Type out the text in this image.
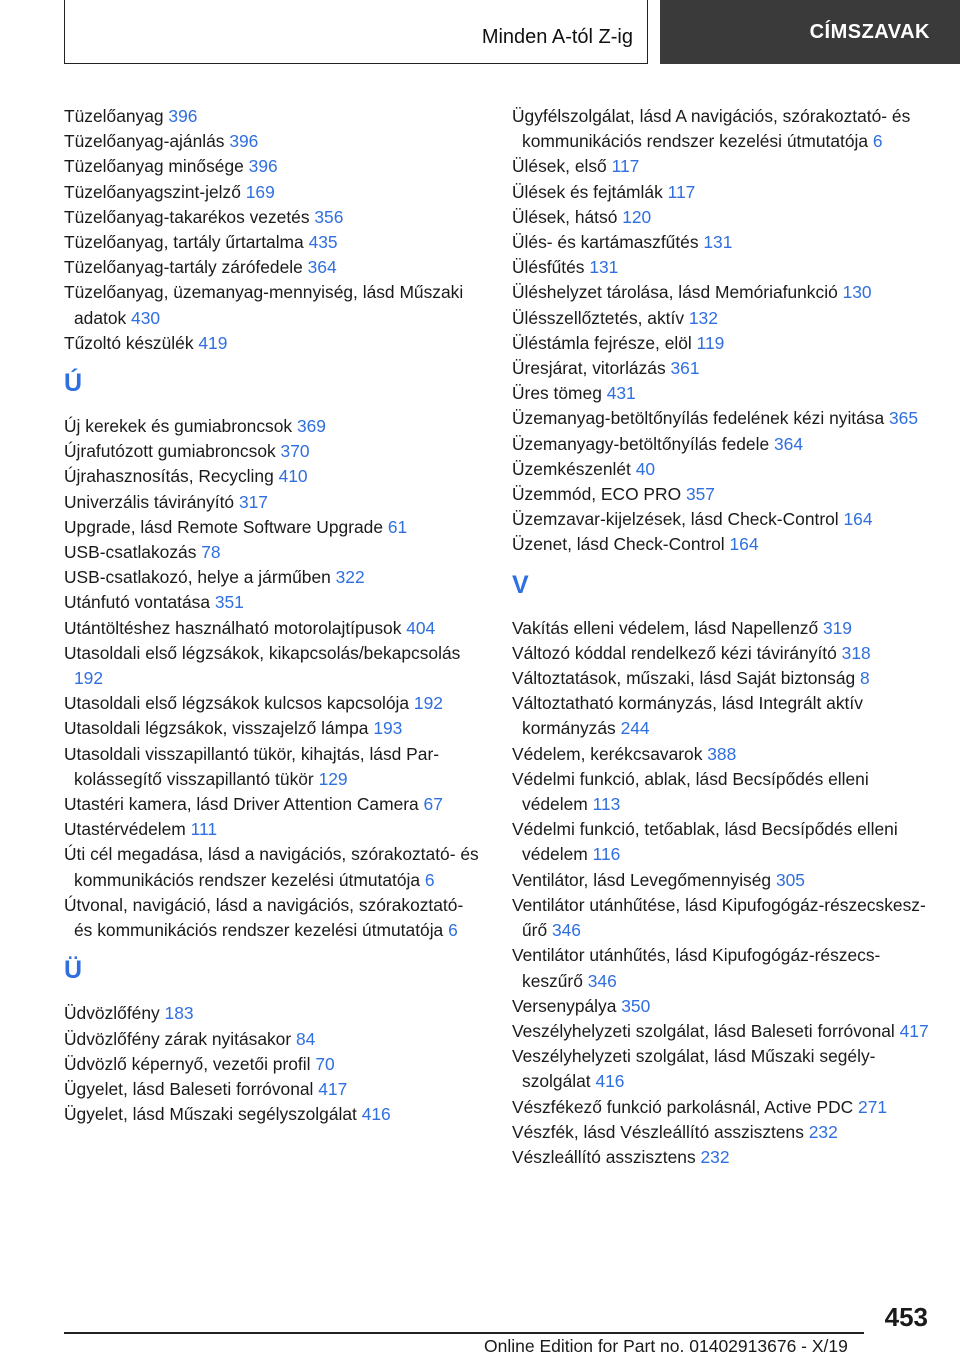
Minden A-tól Z-ig	CÍMSZAVAK
Tüzelőanyag 396
Tüzelőanyag-ajánlás 396
Tüzelőanyag minősége 396
Tüzelőanyagszint-jelző 169
Tüzelőanyag-takarékos vezetés 356
Tüzelőanyag, tartály űrtartalma 435
Tüzelőanyag-tartály zárófedele 364
Tüzelőanyag, üzemanyag-mennyiség, lásd Műszaki adatok 430
Tűzoltó készülék 419
Ú
Új kerekek és gumiabroncsok 369
Újrafutózott gumiabroncsok 370
Újrahasznosítás, Recycling 410
Univerzális távirányító 317
Upgrade, lásd Remote Software Upgrade 61
USB-csatlakozás 78
USB-csatlakozó, helye a járműben 322
Utánfutó vontatása 351
Utántöltéshez használható motorolajtípusok 404
Utasoldali első légzsákok, kikapcsolás/bekapcsolás 192
Utasoldali első légzsákok kulcsos kapcsolója 192
Utasoldali légzsákok, visszajelző lámpa 193
Utasoldali visszapillantó tükör, kihajtás, lásd Parkolássegítő visszapillantó tükör 129
Utastéri kamera, lásd Driver Attention Camera 67
Utastérvédelem 111
Úti cél megadása, lásd a navigációs, szórakoztató- és kommunikációs rendszer kezelési útmutatója 6
Útvonal, navigáció, lásd a navigációs, szórakoztató- és kommunikációs rendszer kezelési útmutatója 6
Ü
Üdvözlőfény 183
Üdvözlőfény zárak nyitásakor 84
Üdvözlő képernyő, vezetői profil 70
Ügyelet, lásd Baleseti forróvonal 417
Ügyelet, lásd Műszaki segélyszolgálat 416
Ügyfélszolgálat, lásd A navigációs, szórakoztató- és kommunikációs rendszer kezelési útmutatója 6
Ülések, első 117
Ülések és fejtámlák 117
Ülések, hátsó 120
Ülés- és kartámaszfűtés 131
Ülésfűtés 131
Üléshelyzet tárolása, lásd Memóriafunkció 130
Ülésszellőztetés, aktív 132
Üléstámla fejrésze, elöl 119
Üresjárat, vitorlázás 361
Üres tömeg 431
Üzemanyag-betöltőnyílás fedelének kézi nyitása 365
Üzemanyagy-betöltőnyílás fedele 364
Üzemkészenlét 40
Üzemmód, ECO PRO 357
Üzemzavar-kijelzések, lásd Check-Control 164
Üzenet, lásd Check-Control 164
V
Vakítás elleni védelem, lásd Napellenző 319
Változó kóddal rendelkező kézi távirányító 318
Változtatások, műszaki, lásd Saját biztonság 8
Változtatható kormányzás, lásd Integrált aktív kormányzás 244
Védelem, kerékcsavarok 388
Védelmi funkció, ablak, lásd Becsípődés elleni védelem 113
Védelmi funkció, tetőablak, lásd Becsípődés elleni védelem 116
Ventilátor, lásd Levegőmennyiség 305
Ventilátor utánhűtése, lásd Kipufogógáz-részecskeszűrő 346
Ventilátor utánhűtés, lásd Kipufogógáz-részecskeszűrő 346
Versenypálya 350
Veszélyhelyzeti szolgálat, lásd Baleseti forróvonal 417
Veszélyhelyzeti szolgálat, lásd Műszaki segélyszolgálat 416
Vészfékező funkció parkolásnál, Active PDC 271
Vészfék, lásd Vészleállító asszisztens 232
Vészleállító asszisztens 232
453
Online Edition for Part no. 01402913676 - X/19
